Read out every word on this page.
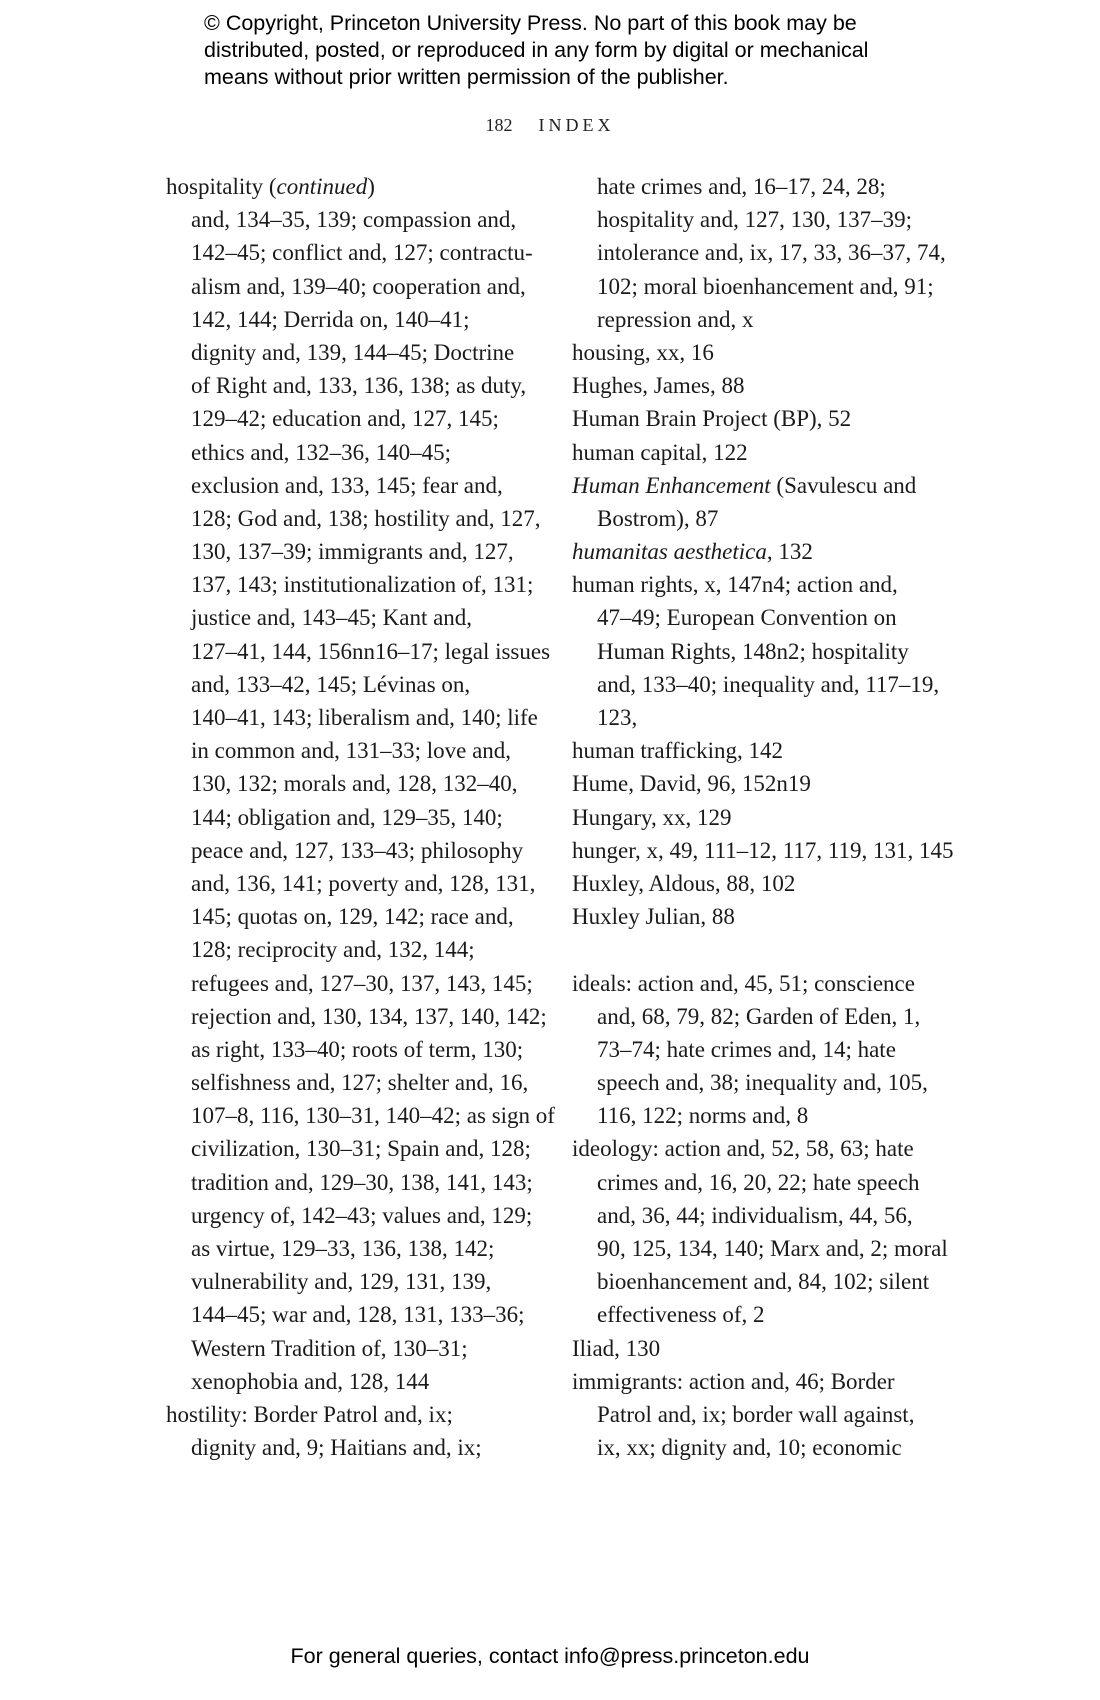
© Copyright, Princeton University Press. No part of this book may be
distributed, posted, or reproduced in any form by digital or mechanical
means without prior written permission of the publisher.
182 INDEX
hospitality (continued)
and, 134–35, 139; compassion and,
142–45; conflict and, 127; contractu-
alism and, 139–40; cooperation and,
142, 144; Derrida on, 140–41;
dignity and, 139, 144–45; Doctrine
of Right and, 133, 136, 138; as duty,
129–42; education and, 127, 145;
ethics and, 132–36, 140–45;
exclusion and, 133, 145; fear and,
128; God and, 138; hostility and, 127,
130, 137–39; immigrants and, 127,
137, 143; institutionalization of, 131;
justice and, 143–45; Kant and,
127–41, 144, 156nn16–17; legal issues
and, 133–42, 145; Lévinas on,
140–41, 143; liberalism and, 140; life
in common and, 131–33; love and,
130, 132; morals and, 128, 132–40,
144; obligation and, 129–35, 140;
peace and, 127, 133–43; philosophy
and, 136, 141; poverty and, 128, 131,
145; quotas on, 129, 142; race and,
128; reciprocity and, 132, 144;
refugees and, 127–30, 137, 143, 145;
rejection and, 130, 134, 137, 140, 142;
as right, 133–40; roots of term, 130;
selfishness and, 127; shelter and, 16,
107–8, 116, 130–31, 140–42; as sign of
civilization, 130–31; Spain and, 128;
tradition and, 129–30, 138, 141, 143;
urgency of, 142–43; values and, 129;
as virtue, 129–33, 136, 138, 142;
vulnerability and, 129, 131, 139,
144–45; war and, 128, 131, 133–36;
Western Tradition of, 130–31;
xenophobia and, 128, 144
hostility: Border Patrol and, ix;
dignity and, 9; Haitians and, ix;
hate crimes and, 16–17, 24, 28;
hospitality and, 127, 130, 137–39;
intolerance and, ix, 17, 33, 36–37, 74,
102; moral bioenhancement and, 91;
repression and, x
housing, xx, 16
Hughes, James, 88
Human Brain Project (BP), 52
human capital, 122
Human Enhancement (Savulescu and
Bostrom), 87
humanitas aesthetica, 132
human rights, x, 147n4; action and,
47–49; European Convention on
Human Rights, 148n2; hospitality
and, 133–40; inequality and, 117–19,
123,
human trafficking, 142
Hume, David, 96, 152n19
Hungary, xx, 129
hunger, x, 49, 111–12, 117, 119, 131, 145
Huxley, Aldous, 88, 102
Huxley Julian, 88
ideals: action and, 45, 51; conscience
and, 68, 79, 82; Garden of Eden, 1,
73–74; hate crimes and, 14; hate
speech and, 38; inequality and, 105,
116, 122; norms and, 8
ideology: action and, 52, 58, 63; hate
crimes and, 16, 20, 22; hate speech
and, 36, 44; individualism, 44, 56,
90, 125, 134, 140; Marx and, 2; moral
bioenhancement and, 84, 102; silent
effectiveness of, 2
Iliad, 130
immigrants: action and, 46; Border
Patrol and, ix; border wall against,
ix, xx; dignity and, 10; economic
For general queries, contact info@press.princeton.edu
